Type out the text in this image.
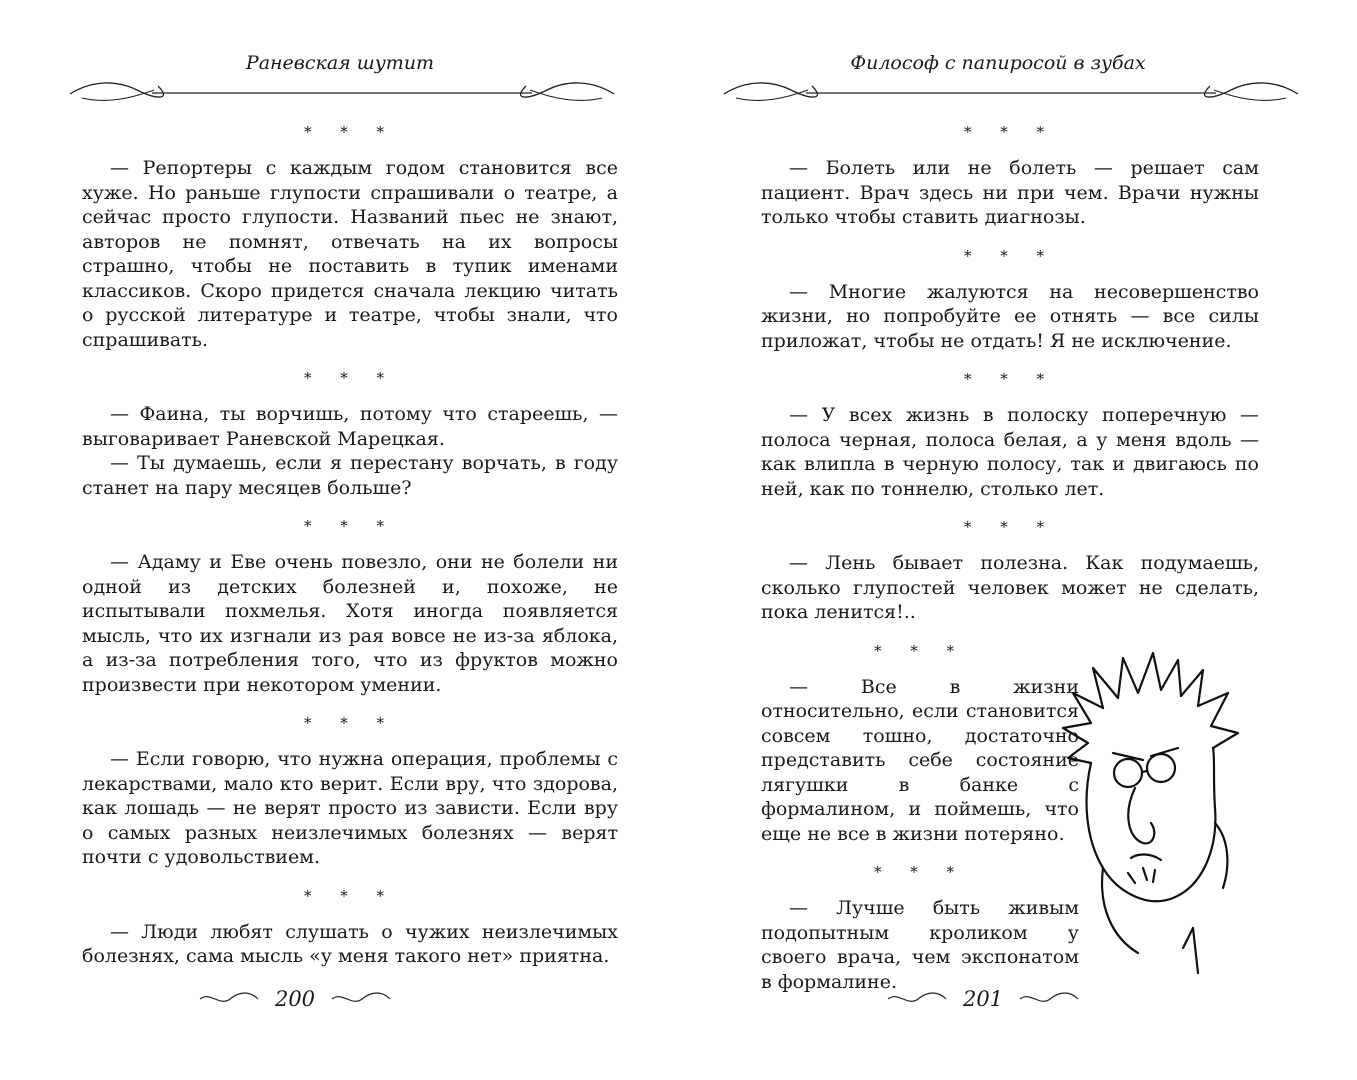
Раневская шутит
* * *

— Репортеры с каждым годом становится все хуже. Но раньше глупости спрашивали о театре, а сейчас просто глупости. Названий пьес не знают, авторов не помнят, отвечать на их вопросы страшно, чтобы не поставить в тупик именами классиков. Скоро придется сначала лекцию читать о русской литературе и театре, чтобы знали, что спрашивать.

* * *

— Фаина, ты ворчишь, потому что стареешь, — выговаривает Раневской Марецкая.

— Ты думаешь, если я перестану ворчать, в году станет на пару месяцев больше?

* * *

— Адаму и Еве очень повезло, они не болели ни одной из детских болезней и, похоже, не испытывали похмелья. Хотя иногда появляется мысль, что их изгнали из рая вовсе не из-за яблока, а из-за потребления того, что из фруктов можно произвести при некотором умении.

* * *

— Если говорю, что нужна операция, проблемы с лекарствами, мало кто верит. Если вру, что здорова, как лошадь — не верят просто из зависти. Если вру о самых разных неизлечимых болезнях — верят почти с удовольствием.

* * *

— Люди любят слушать о чужих неизлечимых болезнях, сама мысль «у меня такого нет» приятна.

200
Философ с папиросой в зубах
* * *

— Болеть или не болеть — решает сам пациент. Врач здесь ни при чем. Врачи нужны только чтобы ставить диагнозы.

* * *

— Многие жалуются на несовершенство жизни, но попробуйте ее отнять — все силы приложат, чтобы не отдать! Я не исключение.

* * *

— У всех жизнь в полоску поперечную — полоса черная, полоса белая, а у меня вдоль — как влипла в черную полосу, так и двигаюсь по ней, как по тоннелю, столько лет.

* * *

— Лень бывает полезна. Как подумаешь, сколько глупостей человек может не сделать, пока ленится!..

* * *

— Все в жизни относительно, если становится совсем тошно, достаточно представить себе состояние лягушки в банке с формалином, и поймешь, что еще не все в жизни потеряно.

* * *

— Лучше быть живым подопытным кроликом у своего врача, чем экспонатом в формалине.

201
